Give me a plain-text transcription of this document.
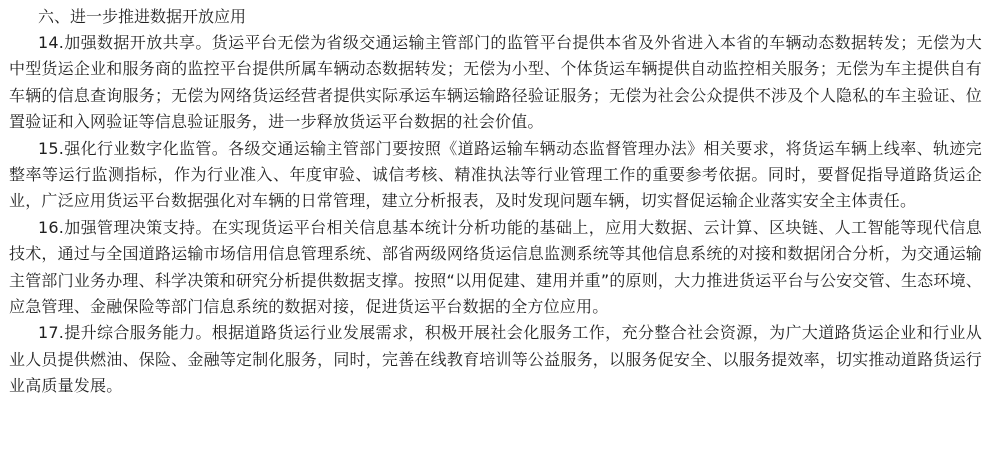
六、进一步推进数据开放应用

14.加强数据开放共享。货运平台无偿为省级交通运输主管部门的监管平台提供本省及外省进入本省的车辆动态数据转发；无偿为大中型货运企业和服务商的监控平台提供所属车辆动态数据转发；无偿为小型、个体货运车辆提供自动监控相关服务；无偿为车主提供自有车辆的信息查询服务；无偿为网络货运经营者提供实际承运车辆运输路径验证服务；无偿为社会公众提供不涉及个人隐私的车主验证、位置验证和入网验证等信息验证服务，进一步释放货运平台数据的社会价值。

15.强化行业数字化监管。各级交通运输主管部门要按照《道路运输车辆动态监督管理办法》相关要求，将货运车辆上线率、轨迹完整率等运行监测指标，作为行业准入、年度审验、诚信考核、精准执法等行业管理工作的重要参考依据。同时，要督促指导道路货运企业，广泛应用货运平台数据强化对车辆的日常管理，建立分析报表，及时发现问题车辆，切实督促运输企业落实安全主体责任。

16.加强管理决策支持。在实现货运平台相关信息基本统计分析功能的基础上，应用大数据、云计算、区块链、人工智能等现代信息技术，通过与全国道路运输市场信用信息管理系统、部省两级网络货运信息监测系统等其他信息系统的对接和数据闭合分析，为交通运输主管部门业务办理、科学决策和研究分析提供数据支撑。按照“以用促建、建用并重”的原则，大力推进货运平台与公安交管、生态环境、应急管理、金融保险等部门信息系统的数据对接，促进货运平台数据的全方位应用。

17.提升综合服务能力。根据道路货运行业发展需求，积极开展社会化服务工作，充分整合社会资源，为广大道路货运企业和行业从业人员提供燃油、保险、金融等定制化服务，同时，完善在线教育培训等公益服务，以服务促安全、以服务提效率，切实推动道路货运行业高质量发展。
